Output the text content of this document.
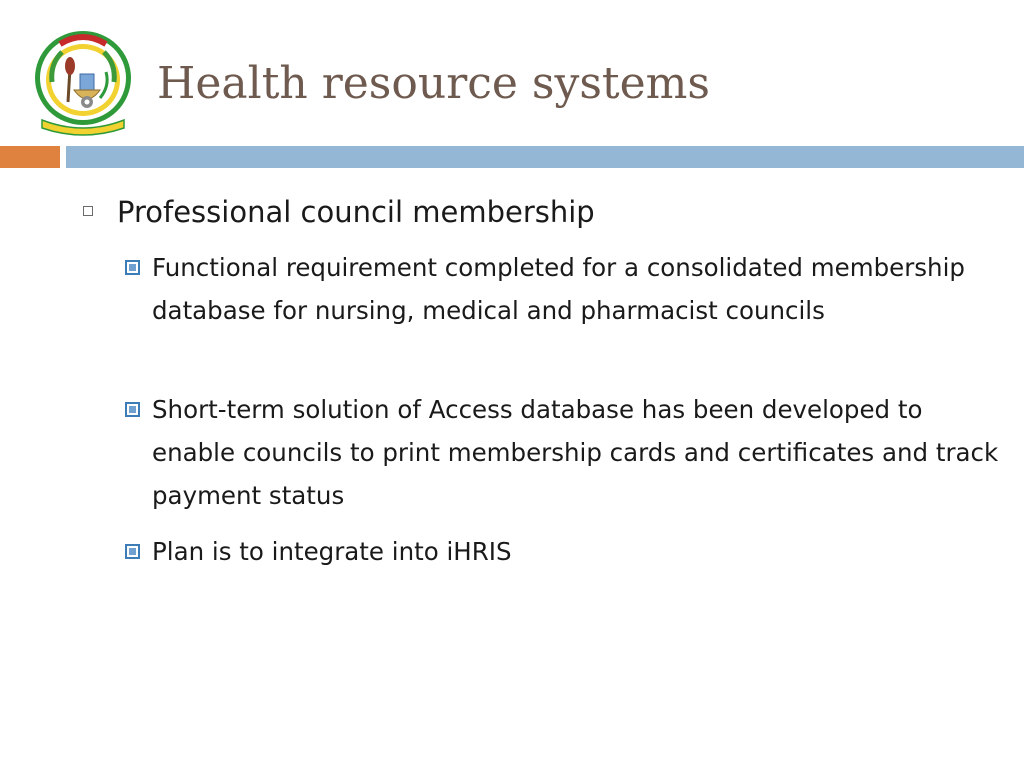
Health resource systems
Professional council membership
Functional requirement completed for a consolidated membership database for nursing, medical and pharmacist councils
Short-term solution of Access database has been developed to enable councils to print membership cards and certificates and track payment status
Plan is to integrate into iHRIS
